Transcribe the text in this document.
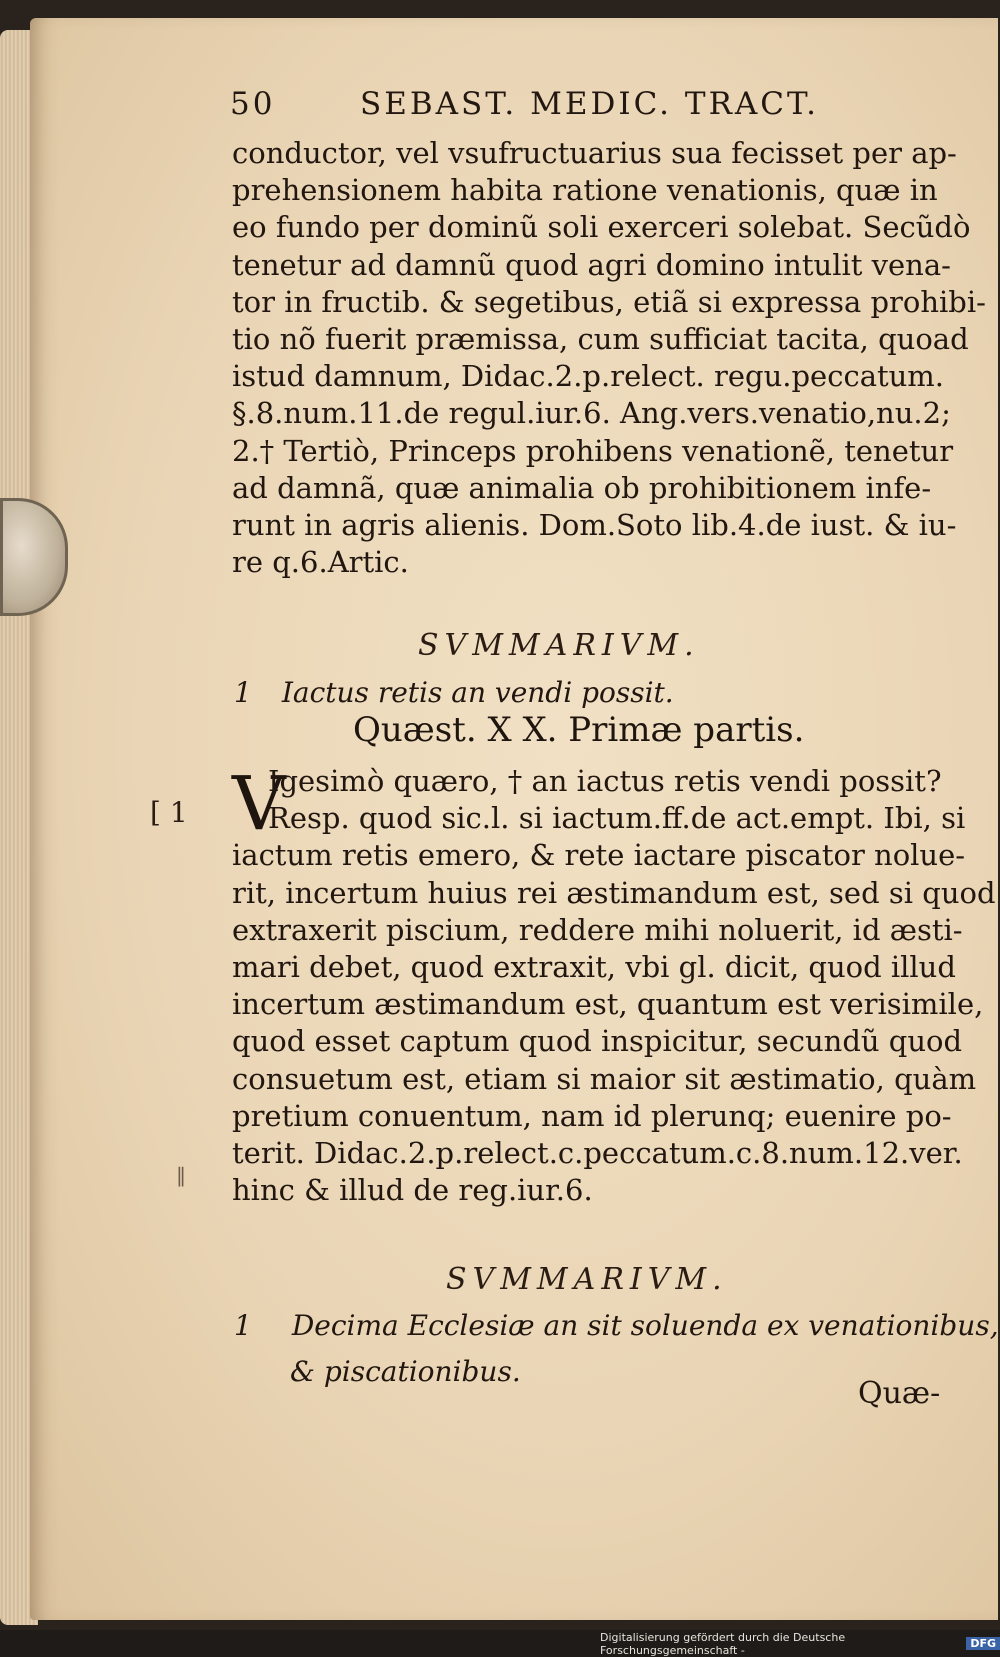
50	SEBAST. MEDIC. TRACT.
conductor, vel vsufructuarius sua fecisset per ap-
prehensionem habita ratione venationis, quæ in
eo fundo per dominũ soli exerceri solebat. Secũdò
tenetur ad damnũ quod agri domino intulit vena-
tor in fructib. & segetibus, etiã si expressa prohibi-
tio nõ fuerit præmissa, cum sufficiat tacita, quoad
istud damnum, Didac.2.p.relect. regu.peccatum.
§.8.num.11.de regul.iur.6. Ang.vers.venatio,nu.2;
2.† Tertiò, Princeps prohibens venationẽ, tenetur
ad damnã, quæ animalia ob prohibitionem infe-
runt in agris alienis. Dom.Soto lib.4.de iust. & iu-
re q.6.Artic.
SVMMARIVM.
1 Iactus retis an vendi possit.
Quæst. X X. Primæ partis.
V
[ 1
‖
Igesimò quæro, † an iactus retis vendi possit?
Resp. quod sic.l. si iactum.ff.de act.empt. Ibi, si
iactum retis emero, & rete iactare piscator nolue-
rit, incertum huius rei æstimandum est, sed si quod
extraxerit piscium, reddere mihi noluerit, id æsti-
mari debet, quod extraxit, vbi gl. dicit, quod illud
incertum æstimandum est, quantum est verisimile,
quod esset captum quod inspicitur, secundũ quod
consuetum est, etiam si maior sit æstimatio, quàm
pretium conuentum, nam id plerunq; euenire po-
terit. Didac.2.p.relect.c.peccatum.c.8.num.12.ver.
hinc & illud de reg.iur.6.
SVMMARIVM.
1 Decima Ecclesiæ an sit soluenda ex venationibus,
& piscationibus.
Quæ-
Digitalisierung gefördert durch die Deutsche Forschungsgemeinschaft -	DFG
